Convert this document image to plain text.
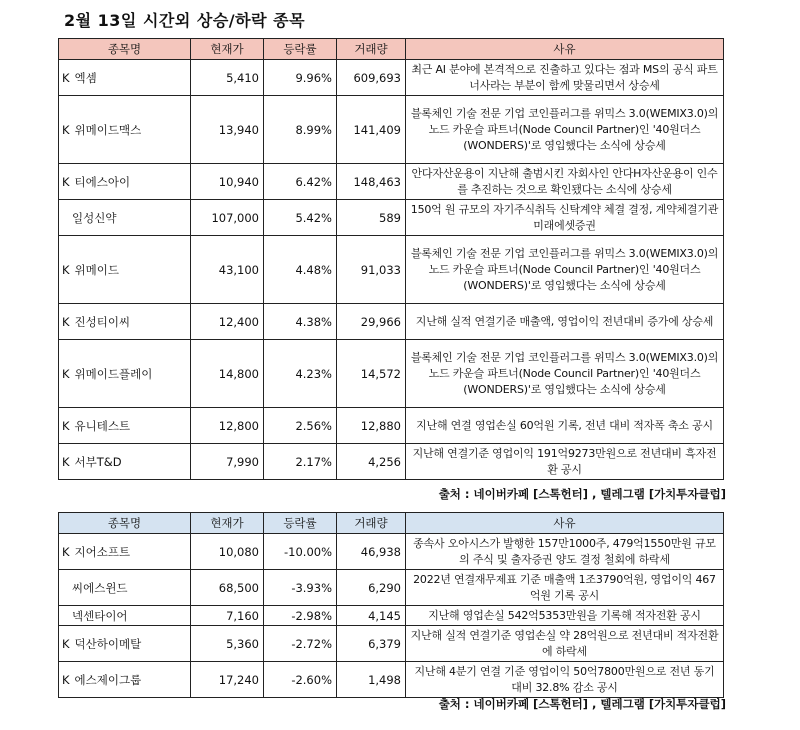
2월 13일 시간외 상승/하락 종목
종목명	현재가	등락률	거래량	사유
K 엑셈	5,410	9.96%	609,693	최근 AI 분야에 본격적으로 진출하고 있다는 점과 MS의 공식 파트너사라는 부분이 함께 맞물리면서 상승세
K 위메이드맥스	13,940	8.99%	141,409	블록체인 기술 전문 기업 코인플러그를 위믹스 3.0(WEMIX3.0)의 노드 카운슬 파트너(Node Council Partner)인 '40원더스(WONDERS)'로 영입했다는 소식에 상승세
K 티에스아이	10,940	6.42%	148,463	안다자산운용이 지난해 출범시킨 자회사인 안다H자산운용이 인수를 추진하는 것으로 확인됐다는 소식에 상승세
일성신약	107,000	5.42%	589	150억 원 규모의 자기주식취득 신탁계약 체결 결정, 계약체결기관 미래에셋증권
K 위메이드	43,100	4.48%	91,033	블록체인 기술 전문 기업 코인플러그를 위믹스 3.0(WEMIX3.0)의 노드 카운슬 파트너(Node Council Partner)인 '40원더스(WONDERS)'로 영입했다는 소식에 상승세
K 진성티이씨	12,400	4.38%	29,966	지난해 실적 연결기준 매출액, 영업이익 전년대비 증가에 상승세
K 위메이드플레이	14,800	4.23%	14,572	블록체인 기술 전문 기업 코인플러그를 위믹스 3.0(WEMIX3.0)의 노드 카운슬 파트너(Node Council Partner)인 '40원더스(WONDERS)'로 영입했다는 소식에 상승세
K 유니테스트	12,800	2.56%	12,880	지난해 연결 영업손실 60억원 기록, 전년 대비 적자폭 축소 공시
K 서부T&D	7,990	2.17%	4,256	지난해 연결기준 영업이익 191억9273만원으로 전년대비 흑자전환 공시
출처 : 네이버카페 [스톡헌터] , 텔레그램 [가치투자클럽]
종목명	현재가	등락률	거래량	사유
K 지어소프트	10,080	-10.00%	46,938	종속사 오아시스가 발행한 157만1000주, 479억1550만원 규모의 주식 및 출자증권 양도 결정 철회에 하락세
씨에스윈드	68,500	-3.93%	6,290	2022년 연결재무제표 기준 매출액 1조3790억원, 영업이익 467억원 기록 공시
넥센타이어	7,160	-2.98%	4,145	지난해 영업손실 542억5353만원을 기록해 적자전환 공시
K 덕산하이메탈	5,360	-2.72%	6,379	지난해 실적 연결기준 영업손실 약 28억원으로 전년대비 적자전환에 하락세
K 에스제이그룹	17,240	-2.60%	1,498	지난해 4분기 연결 기준 영업이익 50억7800만원으로 전년 동기 대비 32.8% 감소 공시
출처 : 네이버카페 [스톡헌터] , 텔레그램 [가치투자클럽]
